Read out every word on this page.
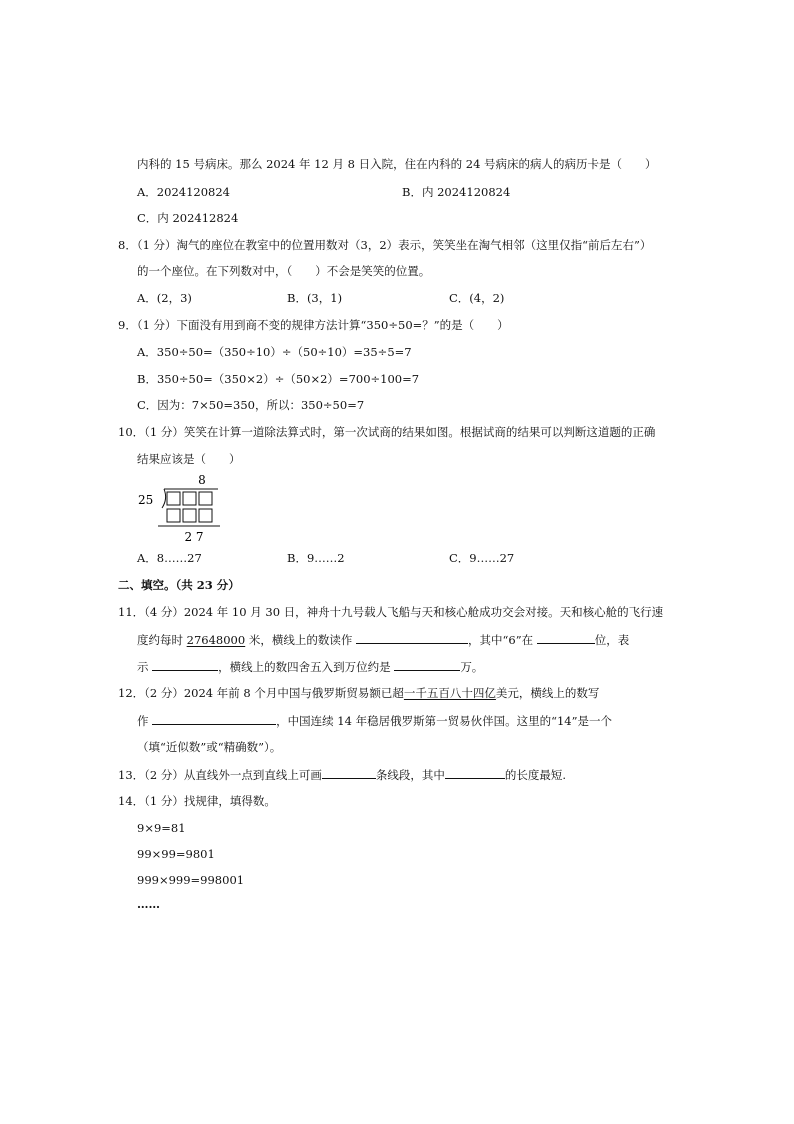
内科的 15 号病床。那么 2024 年 12 月 8 日入院，住在内科的 24 号病床的病人的病历卡是（　　）
A．2024120824	B．内 2024120824
C．内 202412824
8．（1 分）淘气的座位在教室中的位置用数对（3，2）表示，笑笑坐在淘气相邻（这里仅指“前后左右”）
的一个座位。在下列数对中，（　　）不会是笑笑的位置。
A．(2，3)	B．(3，1)	C．(4，2)
9．（1 分）下面没有用到商不变的规律方法计算“350÷50=？”的是（　　）
A．350÷50=（350÷10）÷（50÷10）=35÷5=7
B．350÷50=（350×2）÷（50×2）=700÷100=7
C．因为：7×50=350，所以：350÷50=7
10．（1 分）笑笑在计算一道除法算式时，第一次试商的结果如图。根据试商的结果可以判断这道题的正确
结果应该是（　　）
8
25
2 7
A．8……27	B．9……2	C．9……27
二、填空。（共 23 分）
11．（4 分）2024 年 10 月 30 日，神舟十九号载人飞船与天和核心舱成功交会对接。天和核心舱的飞行速
度约每时 27648000 米，横线上的数读作	，其中“6”在	位，表
示	，横线上的数四舍五入到万位约是	万。
12．（2 分）2024 年前 8 个月中国与俄罗斯贸易额已超一千五百八十四亿美元，横线上的数写
作	，中国连续 14 年稳居俄罗斯第一贸易伙伴国。这里的“14”是一个
（填“近似数”或“精确数”）。
13．（2 分）从直线外一点到直线上可画	条线段，其中	的长度最短.
14．（1 分）找规律，填得数。
9×9=81
99×99=9801
999×999=998001
……
